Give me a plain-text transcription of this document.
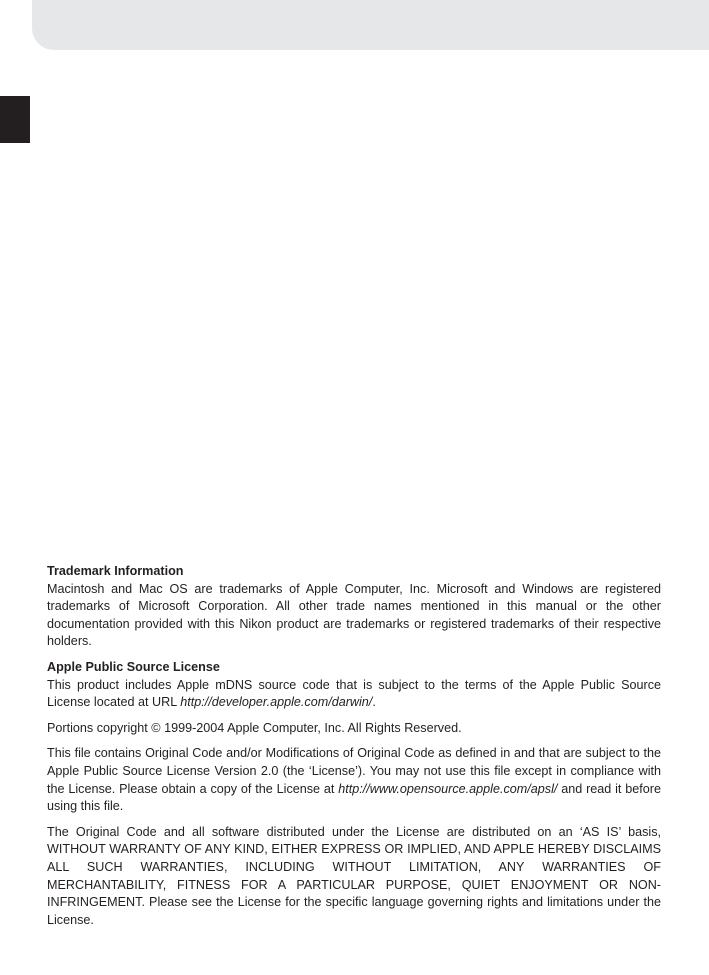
Trademark Information

Macintosh and Mac OS are trademarks of Apple Computer, Inc. Microsoft and Windows are registered trademarks of Microsoft Corporation. All other trade names mentioned in this manual or the other documentation provided with this Nikon product are trademarks or registered trademarks of their respective holders.

Apple Public Source License

This product includes Apple mDNS source code that is subject to the terms of the Apple Public Source License located at URL http://developer.apple.com/darwin/.

Portions copyright © 1999-2004 Apple Computer, Inc. All Rights Reserved.

This file contains Original Code and/or Modifications of Original Code as defined in and that are subject to the Apple Public Source License Version 2.0 (the ‘License’). You may not use this file except in compliance with the License. Please obtain a copy of the License at http://www.opensource.apple.com/apsl/ and read it before using this file.

The Original Code and all software distributed under the License are distributed on an ‘AS IS’ basis, WITHOUT WARRANTY OF ANY KIND, EITHER EXPRESS OR IMPLIED, AND APPLE HEREBY DISCLAIMS ALL SUCH WARRANTIES, INCLUDING WITHOUT LIMITATION, ANY WARRANTIES OF MERCHANTABILITY, FITNESS FOR A PARTICULAR PURPOSE, QUIET ENJOYMENT OR NON-INFRINGEMENT. Please see the License for the specific language governing rights and limitations under the License.
